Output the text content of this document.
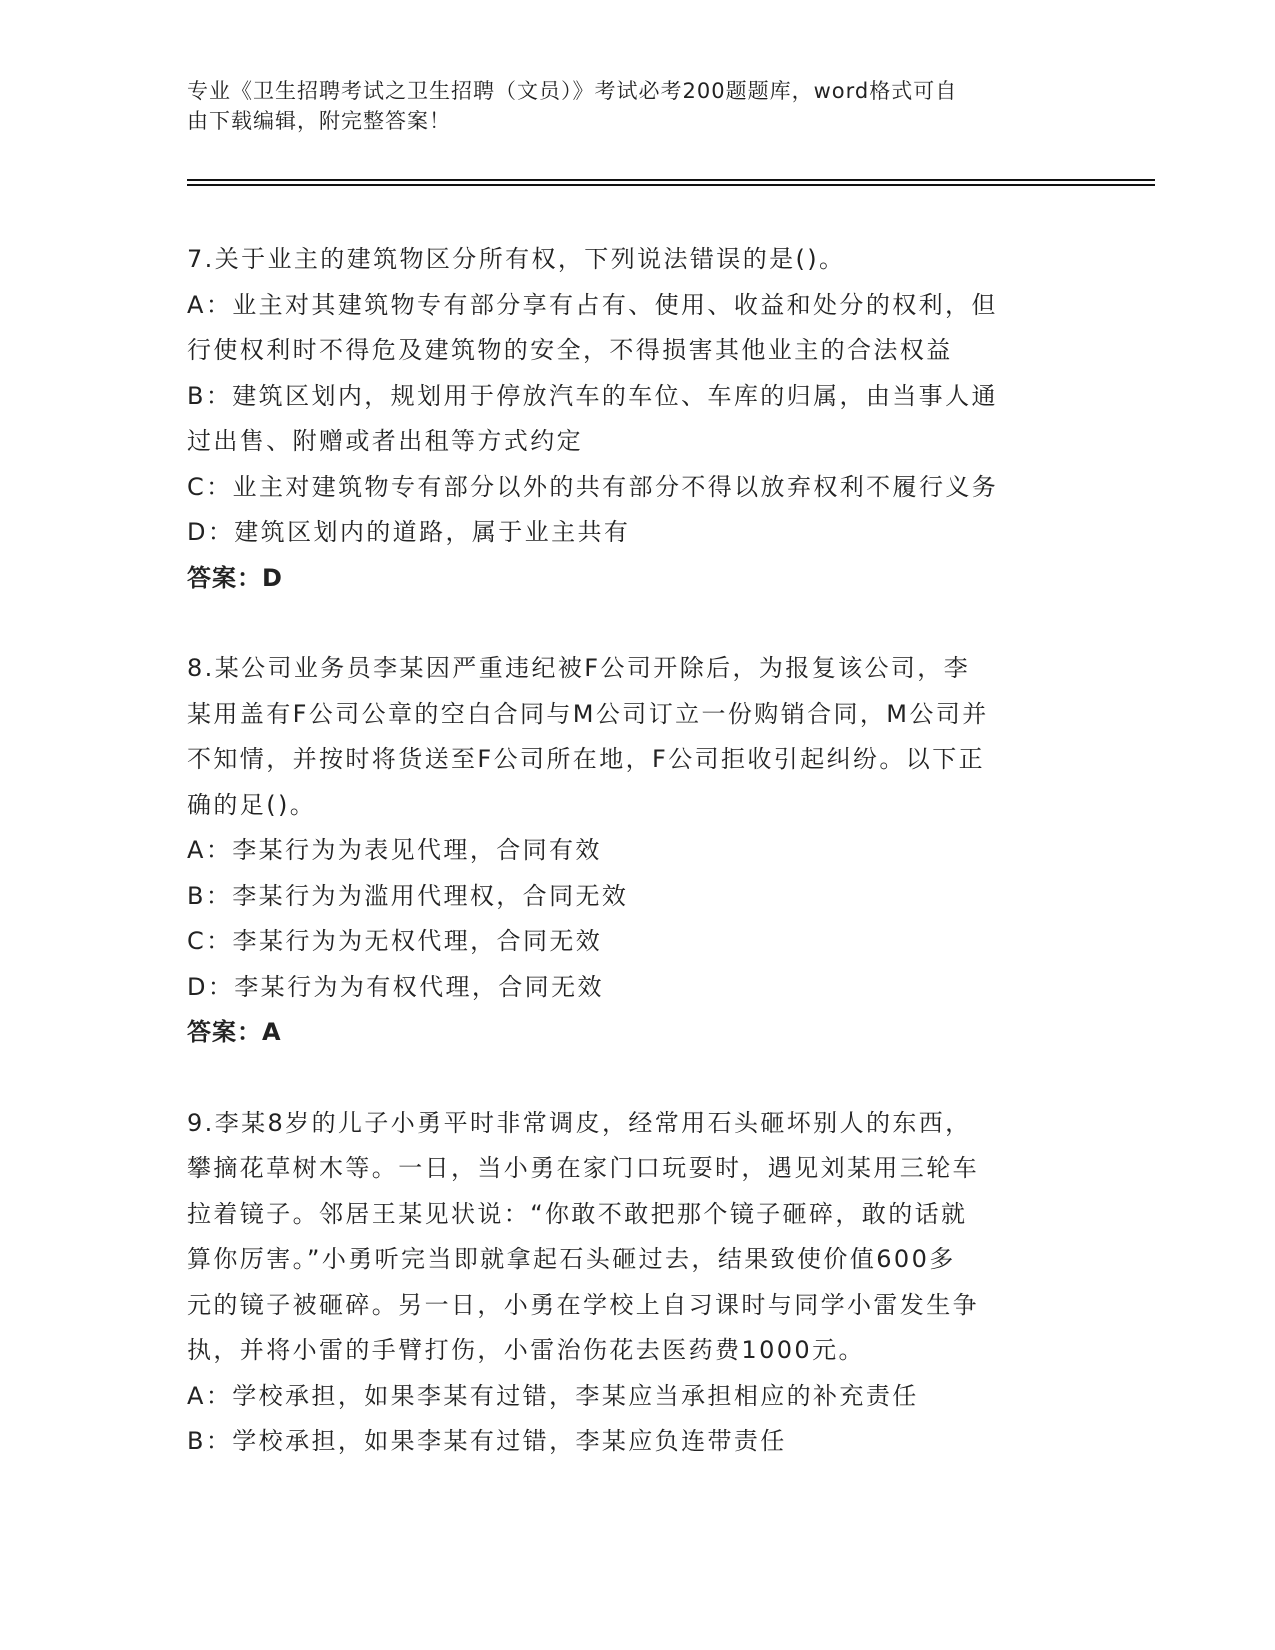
专业《卫生招聘考试之卫生招聘（文员）》考试必考200题题库，word格式可自
由下载编辑，附完整答案！
7.关于业主的建筑物区分所有权，下列说法错误的是()。
A：业主对其建筑物专有部分享有占有、使用、收益和处分的权利，但
行使权利时不得危及建筑物的安全，不得损害其他业主的合法权益
B：建筑区划内，规划用于停放汽车的车位、车库的归属，由当事人通
过出售、附赠或者出租等方式约定
C：业主对建筑物专有部分以外的共有部分不得以放弃权利不履行义务
D：建筑区划内的道路，属于业主共有
答案：D
8.某公司业务员李某因严重违纪被F公司开除后，为报复该公司，李
某用盖有F公司公章的空白合同与M公司订立一份购销合同，M公司并
不知情，并按时将货送至F公司所在地，F公司拒收引起纠纷。以下正
确的足()。
A：李某行为为表见代理，合同有效
B：李某行为为滥用代理权，合同无效
C：李某行为为无权代理，合同无效
D：李某行为为有权代理，合同无效
答案：A
9.李某8岁的儿子小勇平时非常调皮，经常用石头砸坏别人的东西，
攀摘花草树木等。一日，当小勇在家门口玩耍时，遇见刘某用三轮车
拉着镜子。邻居王某见状说：“你敢不敢把那个镜子砸碎，敢的话就
算你厉害。”小勇听完当即就拿起石头砸过去，结果致使价值600多
元的镜子被砸碎。另一日，小勇在学校上自习课时与同学小雷发生争
执，并将小雷的手臂打伤，小雷治伤花去医药费1000元。
A：学校承担，如果李某有过错，李某应当承担相应的补充责任
B：学校承担，如果李某有过错，李某应负连带责任
